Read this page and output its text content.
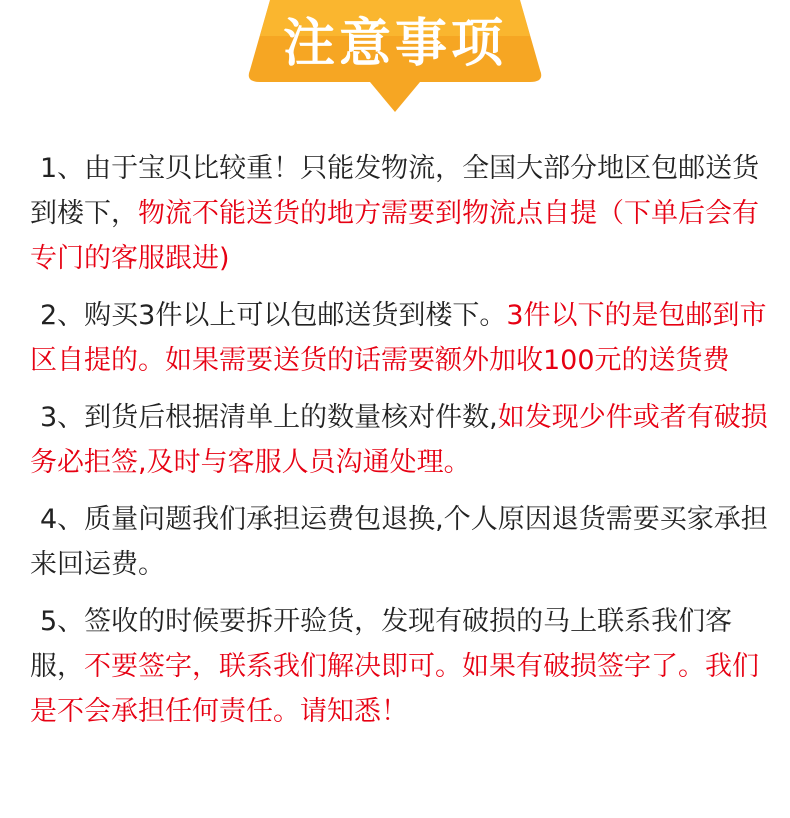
注意事项

1、由于宝贝比较重！只能发物流，全国大部分地区包邮送货到楼下，物流不能送货的地方需要到物流点自提（下单后会有专门的客服跟进)

2、购买3件以上可以包邮送货到楼下。3件以下的是包邮到市区自提的。如果需要送货的话需要额外加收100元的送货费

3、到货后根据清单上的数量核对件数,如发现少件或者有破损务必拒签,及时与客服人员沟通处理。

4、质量问题我们承担运费包退换,个人原因退货需要买家承担来回运费。

5、签收的时候要拆开验货，发现有破损的马上联系我们客服，不要签字，联系我们解决即可。如果有破损签字了。我们是不会承担任何责任。请知悉！
